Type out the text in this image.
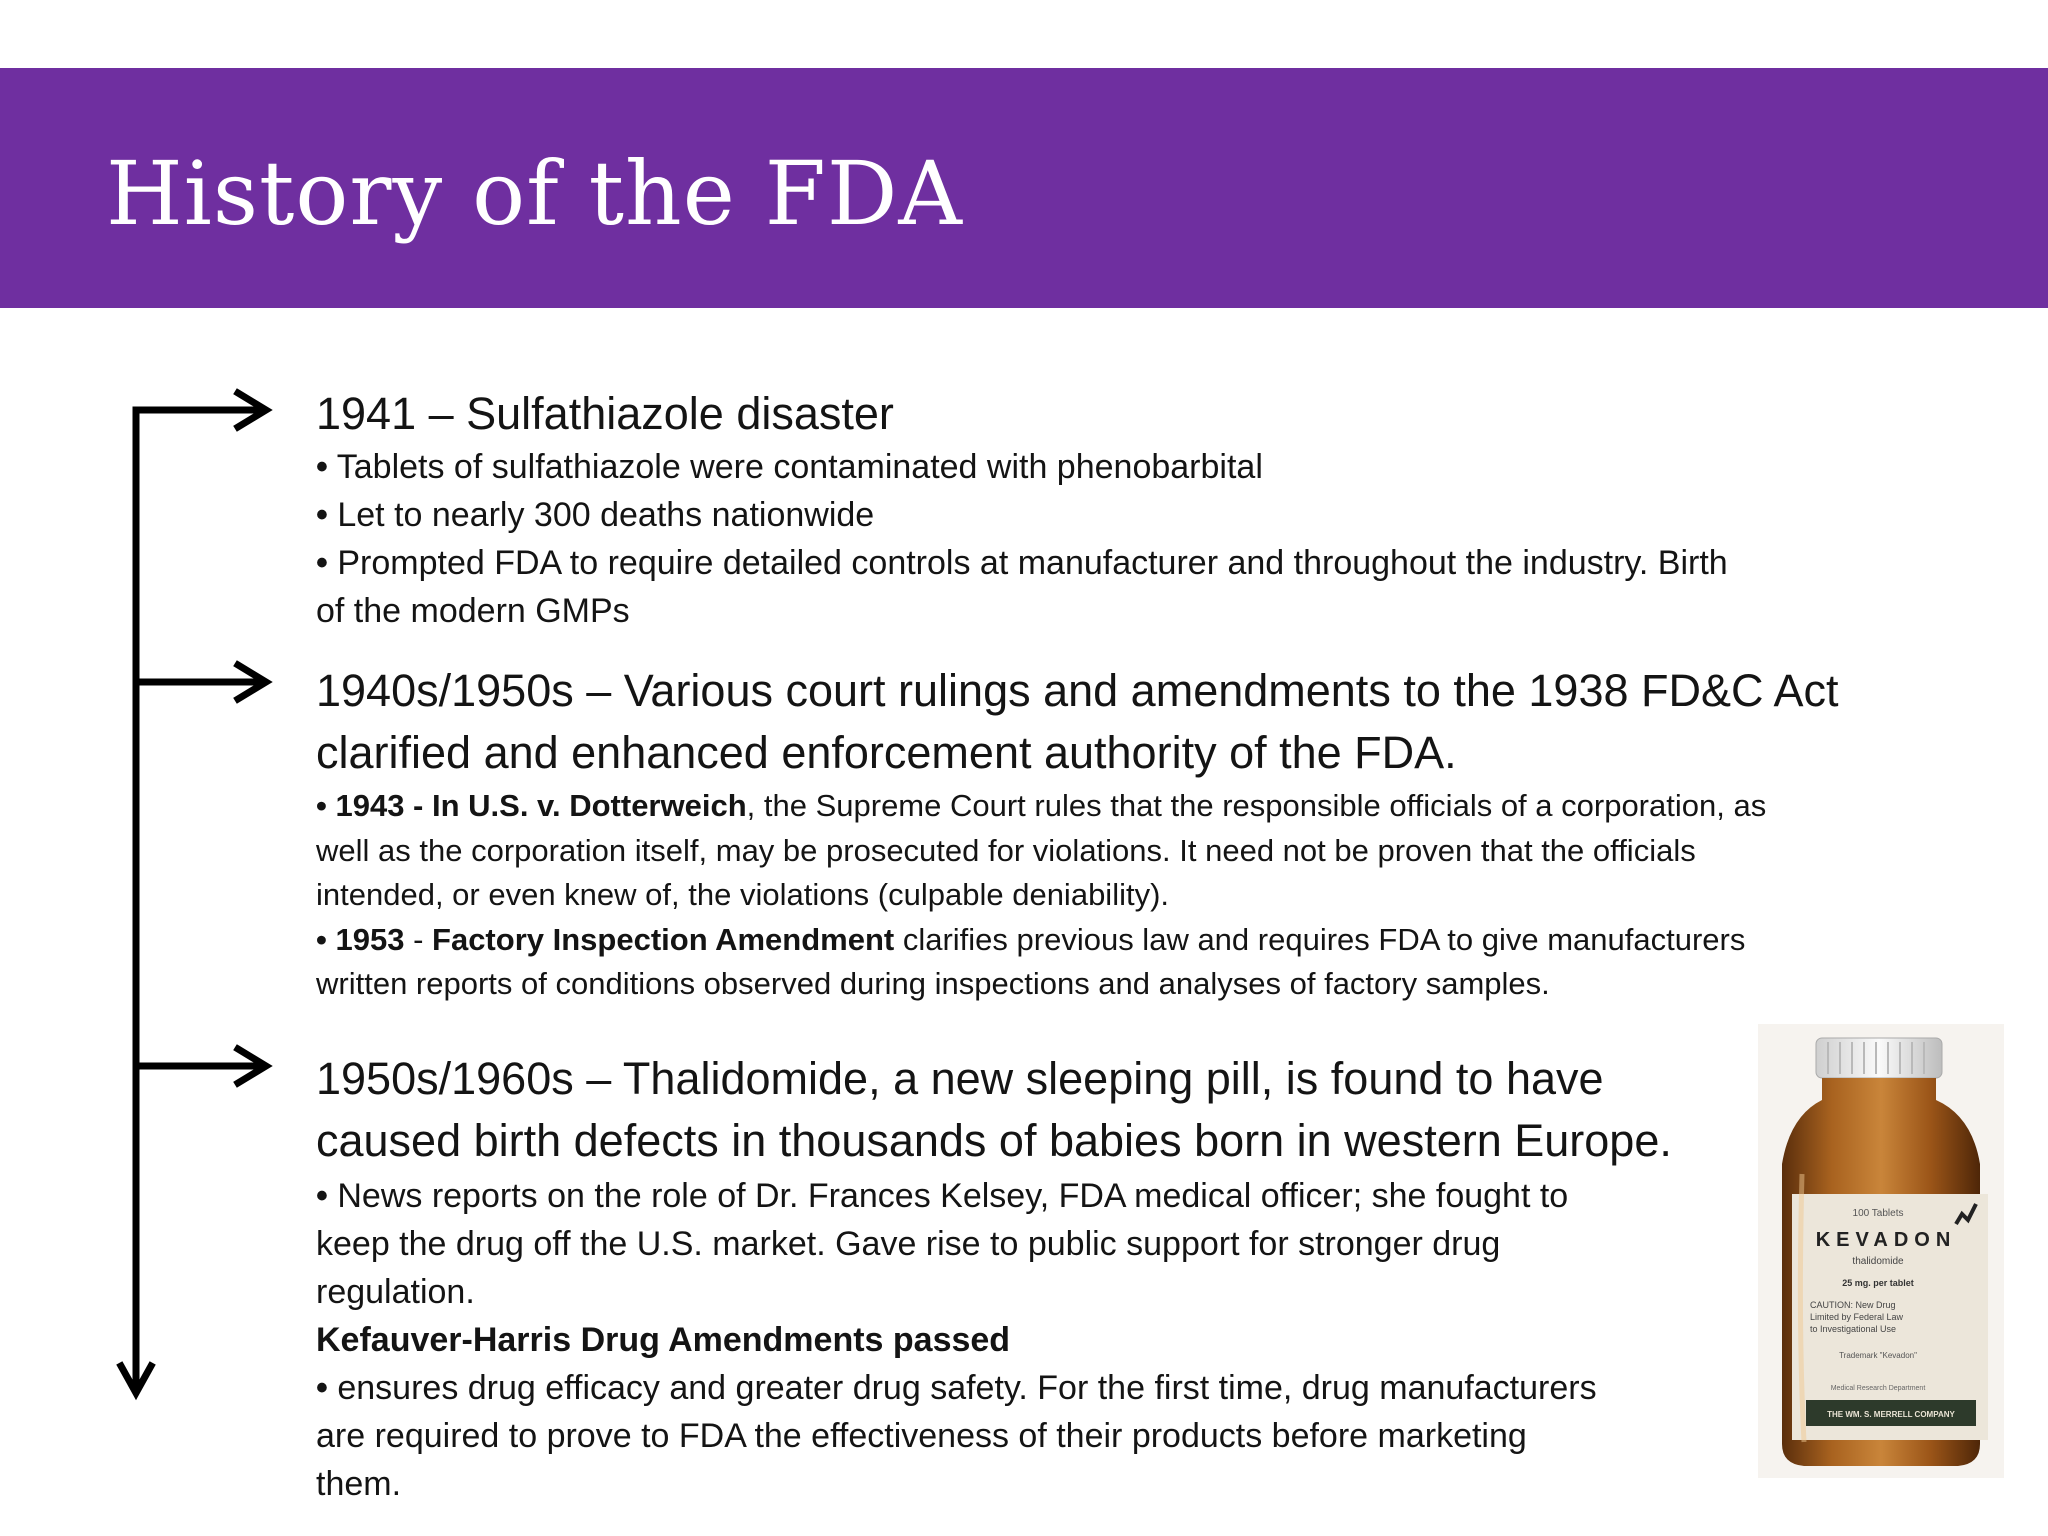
History of the FDA

1941 – Sulfathiazole disaster

• Tablets of sulfathiazole were contaminated with phenobarbital

• Let to nearly 300 deaths nationwide

• Prompted FDA to require detailed controls at manufacturer and throughout the industry. Birth

of the modern GMPs

1940s/1950s – Various court rulings and amendments to the 1938 FD&C Act

clarified and enhanced enforcement authority of the FDA.

• 1943 - In U.S. v. Dotterweich, the Supreme Court rules that the responsible officials of a corporation, as

well as the corporation itself, may be prosecuted for violations. It need not be proven that the officials

intended, or even knew of, the violations (culpable deniability).

• 1953 - Factory Inspection Amendment clarifies previous law and requires FDA to give manufacturers

written reports of conditions observed during inspections and analyses of factory samples.

1950s/1960s – Thalidomide, a new sleeping pill, is found to have

caused birth defects in thousands of babies born in western Europe.

• News reports on the role of Dr. Frances Kelsey, FDA medical officer; she fought to

keep the drug off the U.S. market. Gave rise to public support for stronger drug

regulation.

Kefauver-Harris Drug Amendments passed

• ensures drug efficacy and greater drug safety. For the first time, drug manufacturers

are required to prove to FDA the effectiveness of their products before marketing

them.

100 Tablets
KEVADON
thalidomide
25 mg. per tablet
CAUTION: New Drug
Limited by Federal Law
to Investigational Use
Trademark "Kevadon"
Medical Research Department
THE WM. S. MERRELL COMPANY
